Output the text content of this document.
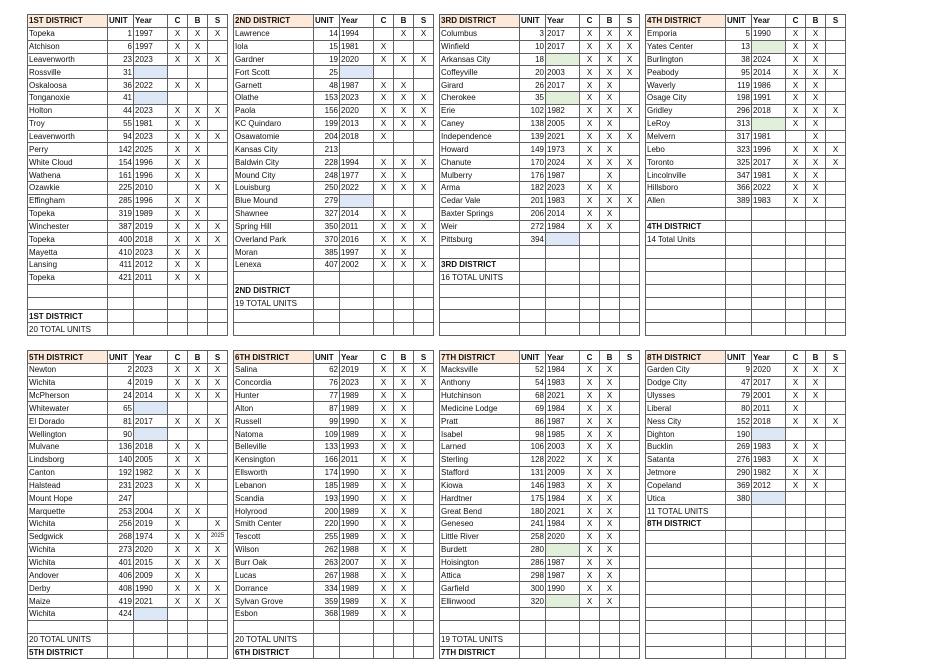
1ST DISTRICT	UNIT	Year	C	B	S		2ND DISTRICT	UNIT	Year	C	B	S		3RD DISTRICT	UNIT	Year	C	B	S		4TH DISTRICT	UNIT	Year	C	B	S
Topeka	1	1997	X	X	X		Lawrence	14	1994		X	X		Columbus	3	2017	X	X	X		Emporia	5	1990	X	X	
Atchison	6	1997	X	X			Iola	15	1981	X				Winfield	10	2017	X	X	X		Yates Center	13		X	X	
Leavenworth	23	2023	X	X	X		Gardner	19	2020	X	X	X		Arkansas City	18		X	X	X		Burlington	38	2024	X	X	
Rossville	31						Fort Scott	25						Coffeyville	20	2003	X	X	X		Peabody	95	2014	X	X	X
Oskaloosa	36	2022	X	X			Garnett	48	1987	X	X			Girard	26	2017	X	X			Waverly	119	1986	X	X	
Tonganoxie	41						Olathe	153	2023	X	X	X		Cherokee	35		X	X			Osage City	198	1991	X	X	
Holton	44	2023	X	X	X		Paola	156	2020	X	X	X		Erie	102	1982	X	X	X		Gridley	296	2018	X	X	X
Troy	55	1981	X	X			KC Quindaro	199	2013	X	X	X		Caney	138	2005	X	X			LeRoy	313		X	X	
Leavenworth	94	2023	X	X	X		Osawatomie	204	2018	X				Independence	139	2021	X	X	X		Melvern	317	1981		X	
Perry	142	2025	X	X			Kansas City	213						Howard	149	1973	X	X			Lebo	323	1996	X	X	X
White Cloud	154	1996	X	X			Baldwin City	228	1994	X	X	X		Chanute	170	2024	X	X	X		Toronto	325	2017	X	X	X
Wathena	161	1996	X	X			Mound City	248	1977	X	X			Mulberry	176	1987		X			Lincolnville	347	1981	X	X	
Ozawkie	225	2010		X	X		Louisburg	250	2022	X	X	X		Arma	182	2023	X	X			Hillsboro	366	2022	X	X	
Effingham	285	1996	X	X			Blue Mound	279						Cedar Vale	201	1983	X	X	X		Allen	389	1983	X	X	
Topeka	319	1989	X	X			Shawnee	327	2014	X	X			Baxter Springs	206	2014	X	X								
Winchester	387	2019	X	X	X		Spring Hill	350	2011	X	X	X		Weir	272	1984	X	X			4TH DISTRICT					
Topeka	400	2018	X	X	X		Overland Park	370	2016	X	X	X		Pittsburg	394						14 Total Units					
Mayetta	410	2023	X	X			Moran	385	1997	X	X															
Lansing	411	2012	X	X			Lenexa	407	2002	X	X	X		3RD DISTRICT												
Topeka	421	2011	X	X										16 TOTAL UNITS												
							2ND DISTRICT																			
							19 TOTAL UNITS																			
1ST DISTRICT																										
20 TOTAL UNITS																										
5TH DISTRICT	UNIT	Year	C	B	S		6TH DISTRICT	UNIT	Year	C	B	S		7TH DISTRICT	UNIT	Year	C	B	S		8TH DISTRICT	UNIT	Year	C	B	S
Newton	2	2023	X	X	X		Salina	62	2019	X	X	X		Macksville	52	1984	X	X			Garden City	9	2020	X	X	X
Wichita	4	2019	X	X	X		Concordia	76	2023	X	X	X		Anthony	54	1983	X	X			Dodge City	47	2017	X	X	
McPherson	24	2014	X	X	X		Hunter	77	1989	X	X			Hutchinson	68	2021	X	X			Ulysses	79	2001	X	X	
Whitewater	65						Alton	87	1989	X	X			Medicine Lodge	69	1984	X	X			Liberal	80	2011	X		
El Dorado	81	2017	X	X	X		Russell	99	1990	X	X			Pratt	86	1987	X	X			Ness City	152	2018	X	X	X
Wellington	90						Natoma	109	1989	X	X			Isabel	98	1985	X	X			Dighton	190				
Mulvane	136	2018	X	X			Belleville	133	1993	X	X			Larned	106	2003	X	X			Bucklin	269	1983	X	X	
Lindsborg	140	2005	X	X			Kensington	166	2011	X	X			Sterling	128	2022	X	X			Satanta	276	1983	X	X	
Canton	192	1982	X	X			Ellsworth	174	1990	X	X			Stafford	131	2009	X	X			Jetmore	290	1982	X	X	
Halstead	231	2023	X	X			Lebanon	185	1989	X	X			Kiowa	146	1983	X	X			Copeland	369	2012	X	X	
Mount Hope	247						Scandia	193	1990	X	X			Hardtner	175	1984	X	X			Utica	380				
Marquette	253	2004	X	X			Holyrood	200	1989	X	X			Great Bend	180	2021	X	X			11 TOTAL UNITS					
Wichita	256	2019	X		X		Smith Center	220	1990	X	X			Geneseo	241	1984	X	X			8TH DISTRICT					
Sedgwick	268	1974	X	X	2025		Tescott	255	1989	X	X			Little River	258	2020	X	X								
Wichita	273	2020	X	X	X		Wilson	262	1988	X	X			Burdett	280		X	X								
Wichita	401	2015	X	X	X		Burr Oak	263	2007	X	X			Hoisington	286	1987	X	X								
Andover	406	2009	X	X			Lucas	267	1988	X	X			Attica	298	1987	X	X								
Derby	408	1990	X	X	X		Dorrance	334	1989	X	X			Garfield	300	1990	X	X								
Maize	419	2021	X	X	X		Sylvan Grove	359	1989	X	X			Ellinwood	320		X	X								
Wichita	424						Esbon	368	1989	X	X															

20 TOTAL UNITS							20 TOTAL UNITS							19 TOTAL UNITS												
5TH DISTRICT							6TH DISTRICT							7TH DISTRICT												
